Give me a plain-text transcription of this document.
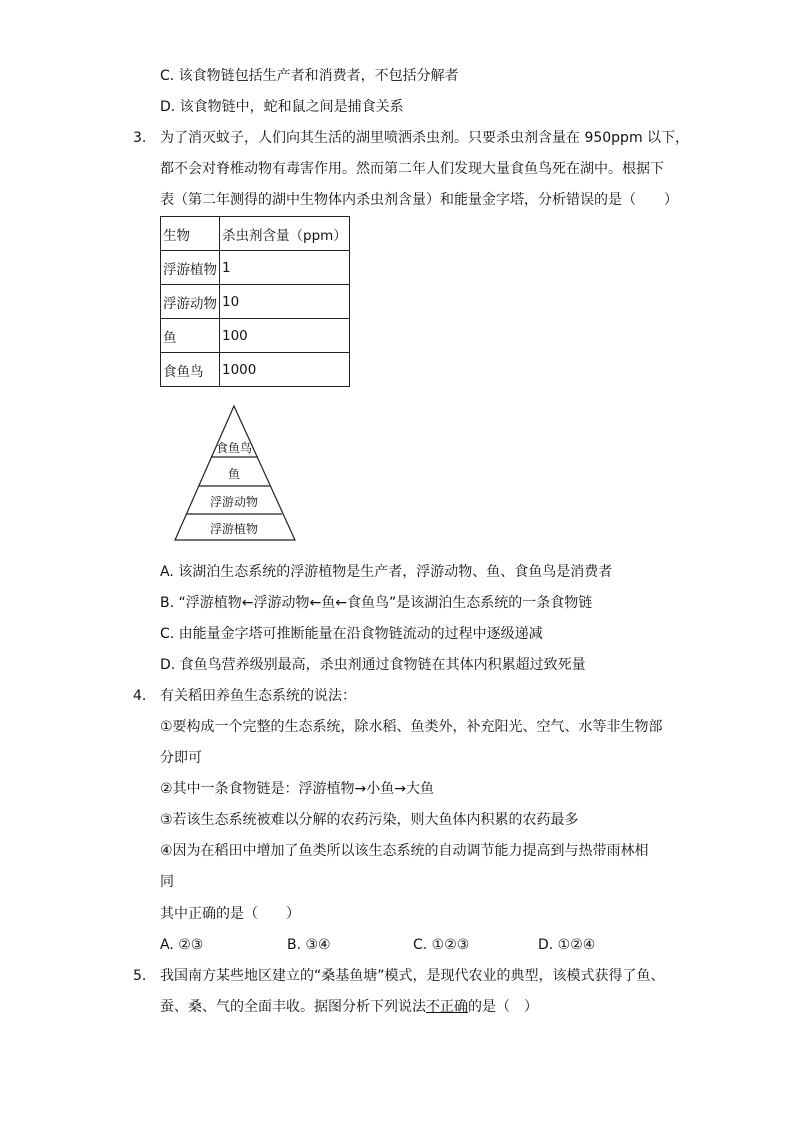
C. 该食物链包括生产者和消费者，不包括分解者
D. 该食物链中，蛇和鼠之间是捕食关系
3. 为了消灭蚊子，人们向其生活的湖里喷洒杀虫剂。只要杀虫剂含量在 950ppm 以下，
都不会对脊椎动物有毒害作用。然而第二年人们发现大量食鱼鸟死在湖中。根据下
表（第二年测得的湖中生物体内杀虫剂含量）和能量金字塔，分析错误的是（　　）
生物	杀虫剂含量（ppm）
浮游植物	1
浮游动物	10
鱼	100
食鱼鸟	1000
食鱼鸟
鱼
浮游动物
浮游植物
A. 该湖泊生态系统的浮游植物是生产者，浮游动物、鱼、食鱼鸟是消费者
B. “浮游植物←浮游动物←鱼←食鱼鸟”是该湖泊生态系统的一条食物链
C. 由能量金字塔可推断能量在沿食物链流动的过程中逐级递减
D. 食鱼鸟营养级别最高，杀虫剂通过食物链在其体内积累超过致死量
4. 有关稻田养鱼生态系统的说法：
①要构成一个完整的生态系统，除水稻、鱼类外，补充阳光、空气、水等非生物部
分即可
②其中一条食物链是：浮游植物→小鱼→大鱼
③若该生态系统被难以分解的农药污染，则大鱼体内积累的农药最多
④因为在稻田中增加了鱼类所以该生态系统的自动调节能力提高到与热带雨林相
同
其中正确的是（　　）
A. ②③	B. ③④	C. ①②③	D. ①②④
5. 我国南方某些地区建立的“桑基鱼塘”模式，是现代农业的典型，该模式获得了鱼、
蚕、桑、气的全面丰收。据图分析下列说法不正确的是（　）
